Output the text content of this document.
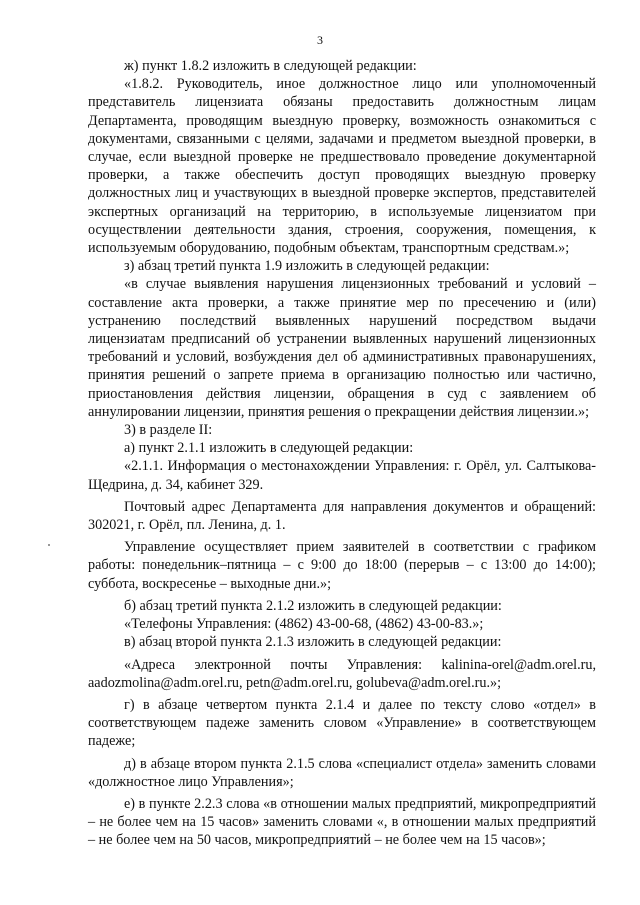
3

ж) пункт 1.8.2 изложить в следующей редакции:

«1.8.2. Руководитель, иное должностное лицо или уполномоченный представитель лицензиата обязаны предоставить должностным лицам Департамента, проводящим выездную проверку, возможность ознакомиться с документами, связанными с целями, задачами и предметом выездной проверки, в случае, если выездной проверке не предшествовало проведение документарной проверки, а также обеспечить доступ проводящих выездную проверку должностных лиц и участвующих в выездной проверке экспертов, представителей экспертных организаций на территорию, в используемые лицензиатом при осуществлении деятельности здания, строения, сооружения, помещения, к используемым оборудованию, подобным объектам, транспортным средствам.»;

з) абзац третий пункта 1.9 изложить в следующей редакции:

«в случае выявления нарушения лицензионных требований и условий – составление акта проверки, а также принятие мер по пресечению и (или) устранению последствий выявленных нарушений посредством выдачи лицензиатам предписаний об устранении выявленных нарушений лицензионных требований и условий, возбуждения дел об административных правонарушениях, принятия решений о запрете приема в организацию полностью или частично, приостановления действия лицензии, обращения в суд с заявлением об аннулировании лицензии, принятия решения о прекращении действия лицензии.»;

3) в разделе II:

а) пункт 2.1.1 изложить в следующей редакции:

«2.1.1. Информация о местонахождении Управления: г. Орёл, ул. Салтыкова-Щедрина, д. 34, кабинет 329.

Почтовый адрес Департамента для направления документов и обращений: 302021, г. Орёл, пл. Ленина, д. 1.

Управление осуществляет прием заявителей в соответствии с графиком работы: понедельник–пятница – с 9:00 до 18:00 (перерыв – с 13:00 до 14:00); суббота, воскресенье – выходные дни.»;

б) абзац третий пункта 2.1.2 изложить в следующей редакции:

«Телефоны Управления: (4862) 43-00-68, (4862) 43-00-83.»;

в) абзац второй пункта 2.1.3 изложить в следующей редакции:

«Адреса электронной почты Управления: kalinina-orel@adm.orel.ru, aadozmolina@adm.orel.ru, petn@adm.orel.ru, golubeva@adm.orel.ru.»;

г) в абзаце четвертом пункта 2.1.4 и далее по тексту слово «отдел» в соответствующем падеже заменить словом «Управление» в соответствующем падеже;

д) в абзаце втором пункта 2.1.5 слова «специалист отдела» заменить словами «должностное лицо Управления»;

е) в пункте 2.2.3 слова «в отношении малых предприятий, микропредприятий – не более чем на 15 часов» заменить словами «, в отношении малых предприятий – не более чем на 50 часов, микропредприятий – не более чем на 15 часов»;
